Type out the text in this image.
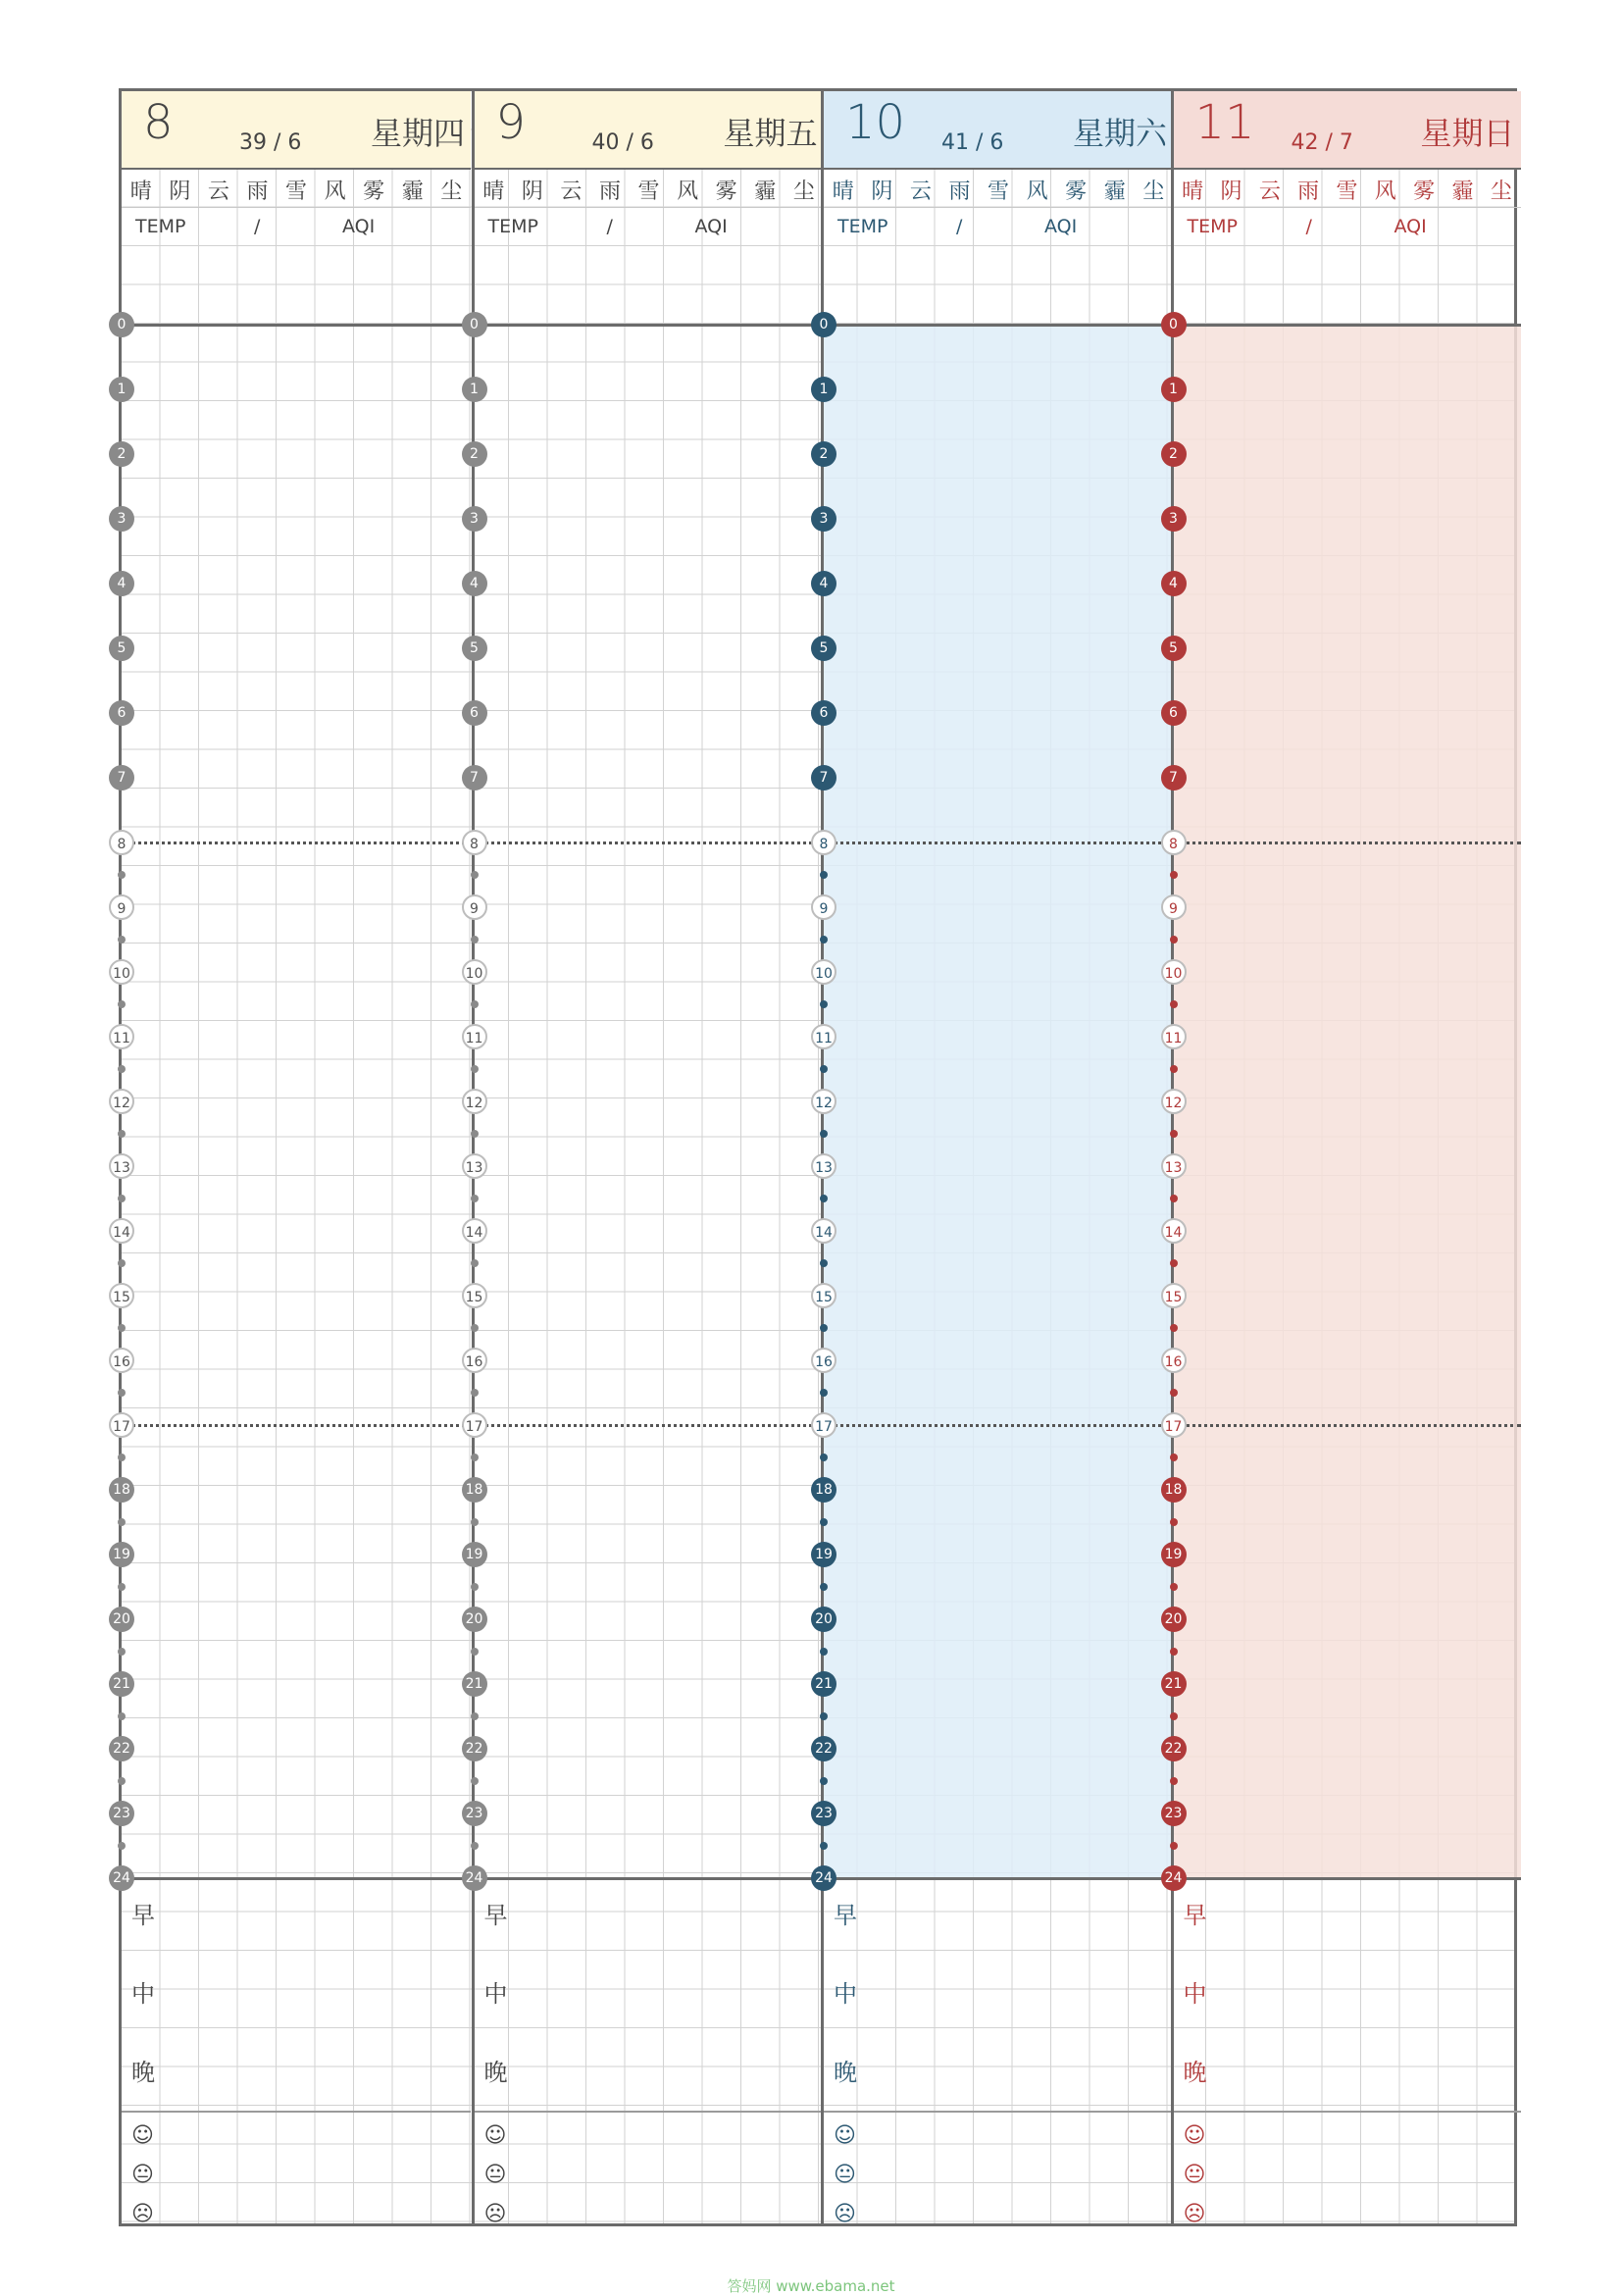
8	39 / 6 星期四
晴 阴 云 雨 雪 风 雾 霾 尘
TEMP	/	AQI
0
1
2
3
4
5
6
7
8
9
10
11
12
13
14
15
16
17
18
19
20
21
22
23
24
早
中
晚
☺
😐
☹
9	40 / 6 星期五
晴 阴 云 雨 雪 风 雾 霾 尘
TEMP	/	AQI
0
1
2
3
4
5
6
7
8
9
10
11
12
13
14
15
16
17
18
19
20
21
22
23
24
早
中
晚
☺
😐
☹
10 41 / 6 星期六
晴 阴 云 雨 雪 风 雾 霾 尘
TEMP	/	AQI
0
1
2
3
4
5
6
7
8
9
10
11
12
13
14
15
16
17
18
19
20
21
22
23
24
早
中
晚
☺
😐
☹
11 42 / 7 星期日
晴 阴 云 雨 雪 风 雾 霾 尘
TEMP	/	AQI
0
1
2
3
4
5
6
7
8
9
10
11
12
13
14
15
16
17
18
19
20
21
22
23
24
早
中
晚
☺
😐
☹
答妈网 www.ebama.net
